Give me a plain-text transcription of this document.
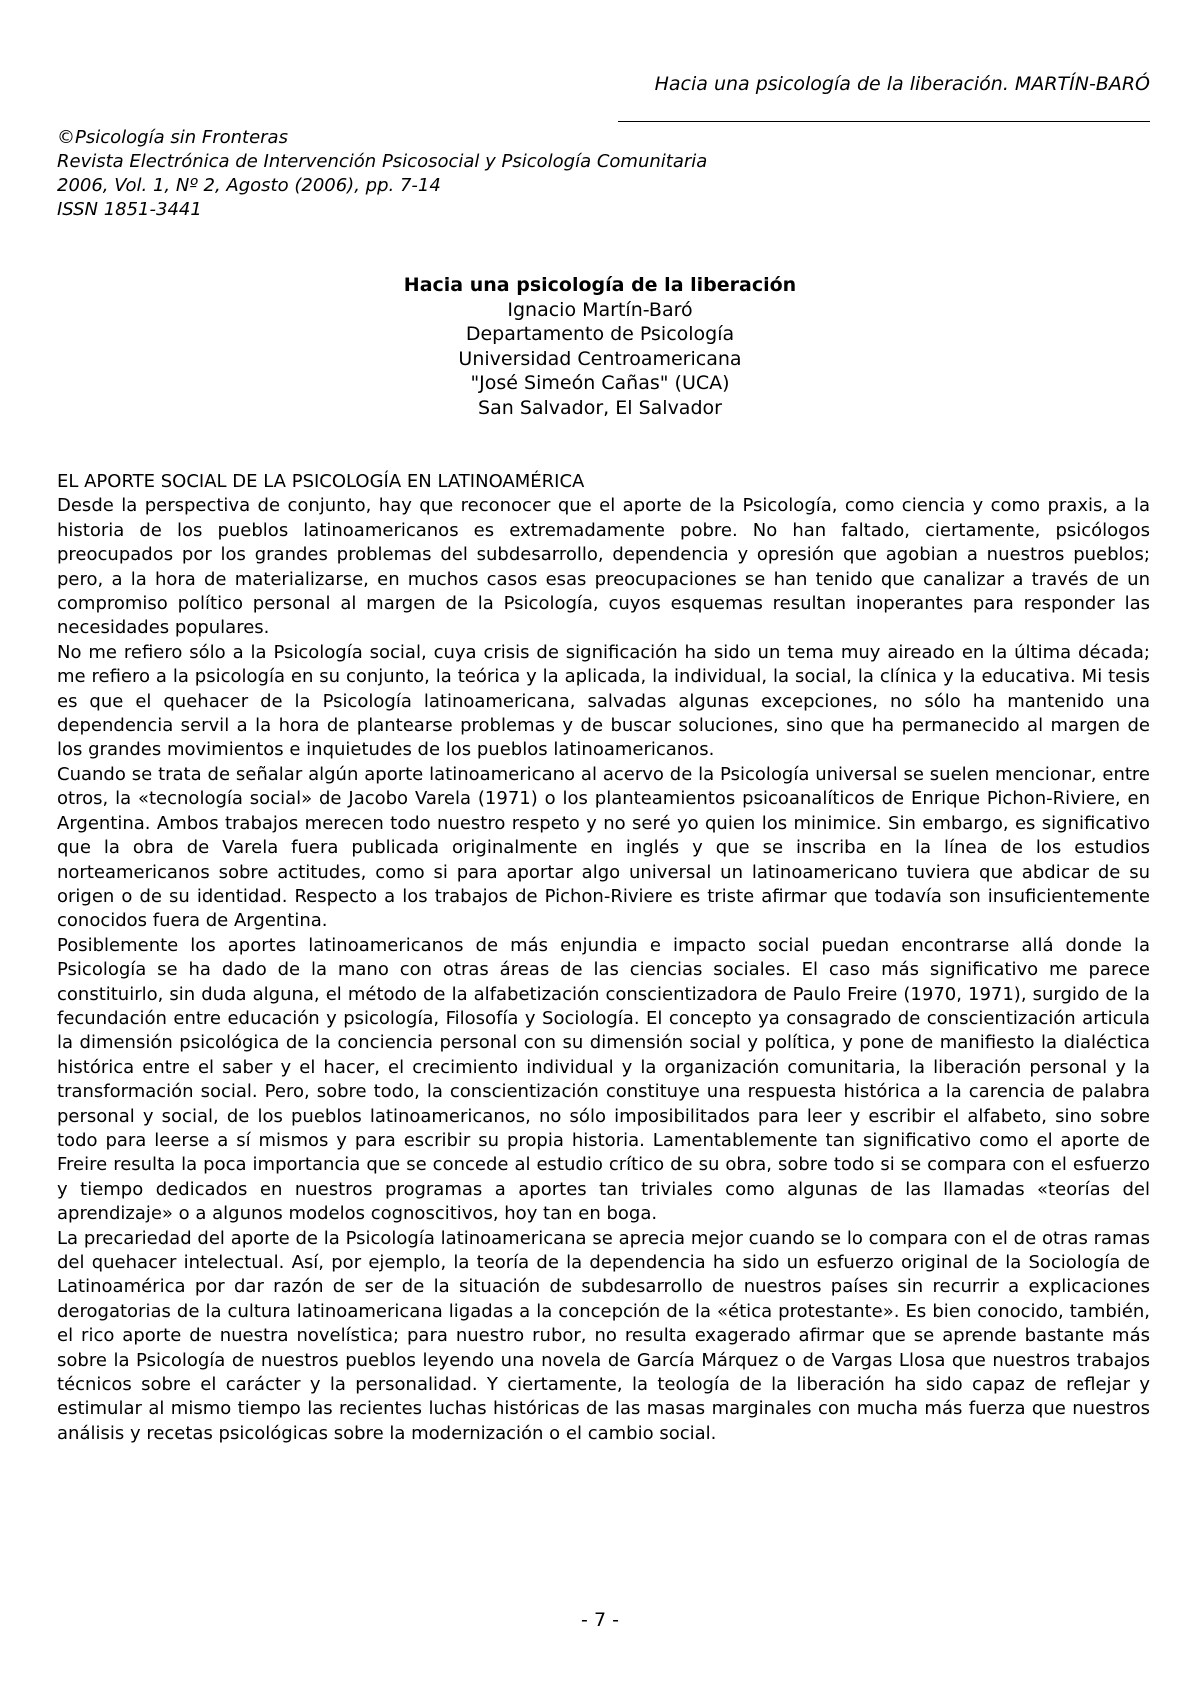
Hacia una psicología de la liberación. MARTÍN-BARÓ
©Psicología sin Fronteras
Revista Electrónica de Intervención Psicosocial y Psicología Comunitaria
2006, Vol. 1, Nº 2, Agosto (2006), pp. 7-14
ISSN 1851-3441
Hacia una psicología de la liberación
Ignacio Martín-Baró
Departamento de Psicología
Universidad Centroamericana
"José Simeón Cañas" (UCA)
San Salvador, El Salvador
EL APORTE SOCIAL DE LA PSICOLOGÍA EN LATINOAMÉRICA

Desde la perspectiva de conjunto, hay que reconocer que el aporte de la Psicología, como ciencia y como praxis, a la historia de los pueblos latinoamericanos es extremadamente pobre. No han faltado, ciertamente, psicólogos preocupados por los grandes problemas del subdesarrollo, dependencia y opresión que agobian a nuestros pueblos; pero, a la hora de materializarse, en muchos casos esas preocupaciones se han tenido que canalizar a través de un compromiso político personal al margen de la Psicología, cuyos esquemas resultan inoperantes para responder las necesidades populares.

No me refiero sólo a la Psicología social, cuya crisis de significación ha sido un tema muy aireado en la última década; me refiero a la psicología en su conjunto, la teórica y la aplicada, la individual, la social, la clínica y la educativa. Mi tesis es que el quehacer de la Psicología latinoamericana, salvadas algunas excepciones, no sólo ha mantenido una dependencia servil a la hora de plantearse problemas y de buscar soluciones, sino que ha permanecido al margen de los grandes movimientos e inquietudes de los pueblos latinoamericanos.

Cuando se trata de señalar algún aporte latinoamericano al acervo de la Psicología universal se suelen mencionar, entre otros, la «tecnología social» de Jacobo Varela (1971) o los planteamientos psicoanalíticos de Enrique Pichon-Riviere, en Argentina. Ambos trabajos merecen todo nuestro respeto y no seré yo quien los minimice. Sin embargo, es significativo que la obra de Varela fuera publicada originalmente en inglés y que se inscriba en la línea de los estudios norteamericanos sobre actitudes, como si para aportar algo universal un latinoamericano tuviera que abdicar de su origen o de su identidad. Respecto a los trabajos de Pichon-Riviere es triste afirmar que todavía son insuficientemente conocidos fuera de Argentina.

Posiblemente los aportes latinoamericanos de más enjundia e impacto social puedan encontrarse allá donde la Psicología se ha dado de la mano con otras áreas de las ciencias sociales. El caso más significativo me parece constituirlo, sin duda alguna, el método de la alfabetización conscientizadora de Paulo Freire (1970, 1971), surgido de la fecundación entre educación y psicología, Filosofía y Sociología. El concepto ya consagrado de conscientización articula la dimensión psicológica de la conciencia personal con su dimensión social y política, y pone de manifiesto la dialéctica histórica entre el saber y el hacer, el crecimiento individual y la organización comunitaria, la liberación personal y la transformación social. Pero, sobre todo, la conscientización constituye una respuesta histórica a la carencia de palabra personal y social, de los pueblos latinoamericanos, no sólo imposibilitados para leer y escribir el alfabeto, sino sobre todo para leerse a sí mismos y para escribir su propia historia. Lamentablemente tan significativo como el aporte de Freire resulta la poca importancia que se concede al estudio crítico de su obra, sobre todo si se compara con el esfuerzo y tiempo dedicados en nuestros programas a aportes tan triviales como algunas de las llamadas «teorías del aprendizaje» o a algunos modelos cognoscitivos, hoy tan en boga.

La precariedad del aporte de la Psicología latinoamericana se aprecia mejor cuando se lo compara con el de otras ramas del quehacer intelectual. Así, por ejemplo, la teoría de la dependencia ha sido un esfuerzo original de la Sociología de Latinoamérica por dar razón de ser de la situación de subdesarrollo de nuestros países sin recurrir a explicaciones derogatorias de la cultura latinoamericana ligadas a la concepción de la «ética protestante». Es bien conocido, también, el rico aporte de nuestra novelística; para nuestro rubor, no resulta exagerado afirmar que se aprende bastante más sobre la Psicología de nuestros pueblos leyendo una novela de García Márquez o de Vargas Llosa que nuestros trabajos técnicos sobre el carácter y la personalidad. Y ciertamente, la teología de la liberación ha sido capaz de reflejar y estimular al mismo tiempo las recientes luchas históricas de las masas marginales con mucha más fuerza que nuestros análisis y recetas psicológicas sobre la modernización o el cambio social.

- 7 -
